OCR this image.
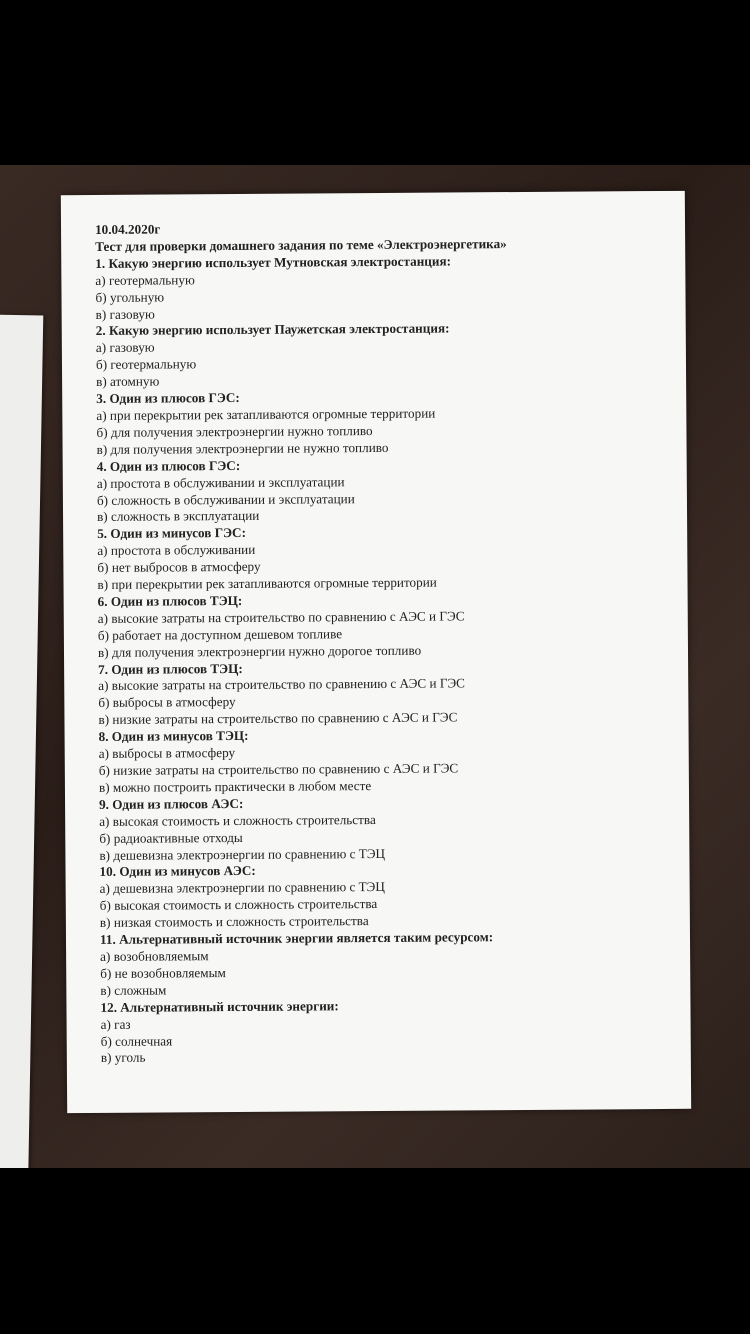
10.04.2020г
Тест для проверки домашнего задания по теме «Электроэнергетика»
1. Какую энергию использует Мутновская электростанция:
а) геотермальную
б) угольную
в) газовую
2. Какую энергию использует Паужетская электростанция:
а) газовую
б) геотермальную
в) атомную
3. Один из плюсов ГЭС:
а) при перекрытии рек затапливаются огромные территории
б) для получения электроэнергии нужно топливо
в) для получения электроэнергии не нужно топливо
4. Один из плюсов ГЭС:
а) простота в обслуживании и эксплуатации
б) сложность в обслуживании и эксплуатации
в) сложность в эксплуатации
5. Один из минусов ГЭС:
а) простота в обслуживании
б) нет выбросов в атмосферу
в) при перекрытии рек затапливаются огромные территории
6. Один из плюсов ТЭЦ:
а) высокие затраты на строительство по сравнению с АЭС и ГЭС
б) работает на доступном дешевом топливе
в) для получения электроэнергии нужно дорогое топливо
7. Один из плюсов ТЭЦ:
а) высокие затраты на строительство по сравнению с АЭС и ГЭС
б) выбросы в атмосферу
в) низкие затраты на строительство по сравнению с АЭС и ГЭС
8. Один из минусов ТЭЦ:
а) выбросы в атмосферу
б) низкие затраты на строительство по сравнению с АЭС и ГЭС
в) можно построить практически в любом месте
9. Один из плюсов АЭС:
а) высокая стоимость и сложность строительства
б) радиоактивные отходы
в) дешевизна электроэнергии по сравнению с ТЭЦ
10. Один из минусов АЭС:
а) дешевизна электроэнергии по сравнению с ТЭЦ
б) высокая стоимость и сложность строительства
в) низкая стоимость и сложность строительства
11. Альтернативный источник энергии является таким ресурсом:
а) возобновляемым
б) не возобновляемым
в) сложным
12. Альтернативный источник энергии:
а) газ
б) солнечная
в) уголь
